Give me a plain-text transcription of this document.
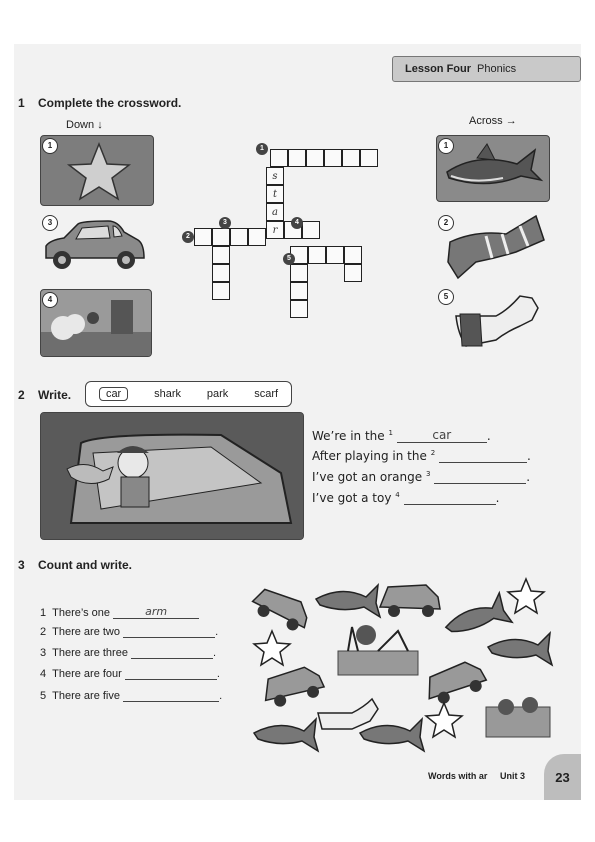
Lesson Four Phonics
1 Complete the crossword.
Down ↓	Across →
1
3
4
s
t
a
r
1
2
3	4
5
1
2
5
2 Write.	car	shark park scarf
We’re in the $^1$	car	.
After playing in the $^2$	.
I’ve got an orange $^3$	.
I’ve got a toy $^4$	.
3 Count and write.
1 There’s one	arm
2 There are two	.
3 There are three	.
4 There are four	.
5 There are five	.
Words with ar Unit 3	23
